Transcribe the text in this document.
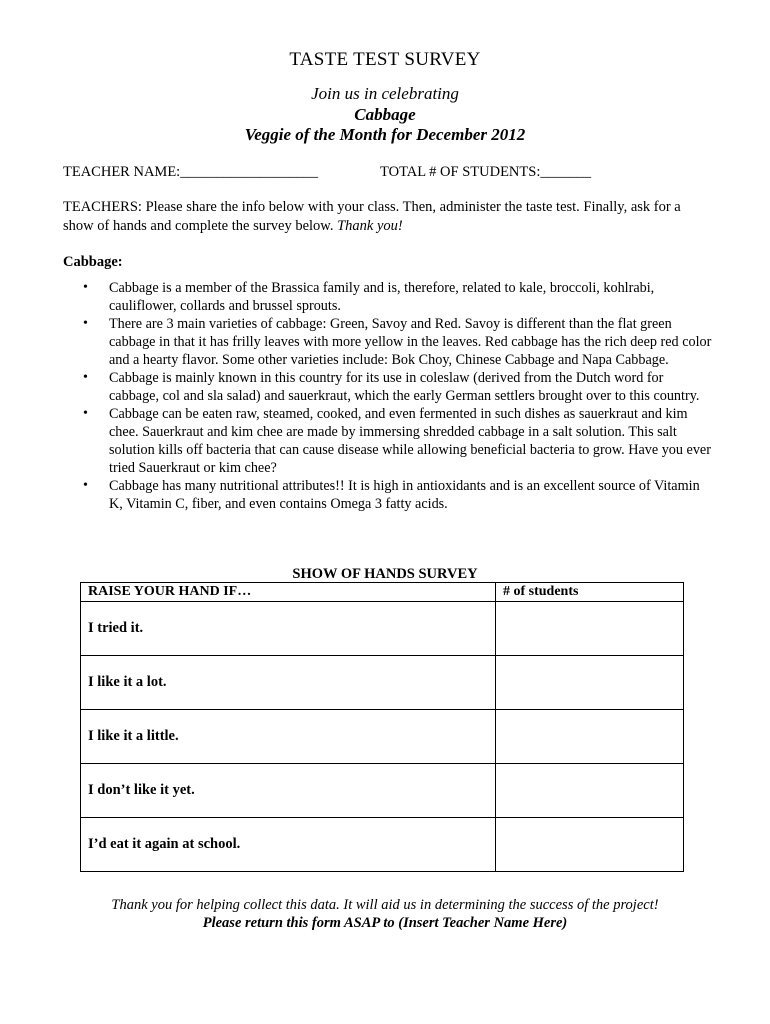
TASTE TEST SURVEY
Join us in celebrating
Cabbage
Veggie of the Month for December 2012
TEACHER NAME:___________________	TOTAL # OF STUDENTS:_______
TEACHERS: Please share the info below with your class. Then, administer the taste test. Finally, ask for a show of hands and complete the survey below. Thank you!
Cabbage:
• Cabbage is a member of the Brassica family and is, therefore, related to kale, broccoli, kohlrabi, cauliflower, collards and brussel sprouts.
• There are 3 main varieties of cabbage: Green, Savoy and Red. Savoy is different than the flat green cabbage in that it has frilly leaves with more yellow in the leaves. Red cabbage has the rich deep red color and a hearty flavor. Some other varieties include: Bok Choy, Chinese Cabbage and Napa Cabbage.
• Cabbage is mainly known in this country for its use in coleslaw (derived from the Dutch word for cabbage, col and sla salad) and sauerkraut, which the early German settlers brought over to this country.
• Cabbage can be eaten raw, steamed, cooked, and even fermented in such dishes as sauerkraut and kim chee. Sauerkraut and kim chee are made by immersing shredded cabbage in a salt solution. This salt solution kills off bacteria that can cause disease while allowing beneficial bacteria to grow. Have you ever tried Sauerkraut or kim chee?
• Cabbage has many nutritional attributes!! It is high in antioxidants and is an excellent source of Vitamin K, Vitamin C, fiber, and even contains Omega 3 fatty acids.
SHOW OF HANDS SURVEY
RAISE YOUR HAND IF…	# of students
I tried it.	
I like it a lot.	
I like it a little.	
I don’t like it yet.	
I’d eat it again at school.	
Thank you for helping collect this data. It will aid us in determining the success of the project!
Please return this form ASAP to (Insert Teacher Name Here)
